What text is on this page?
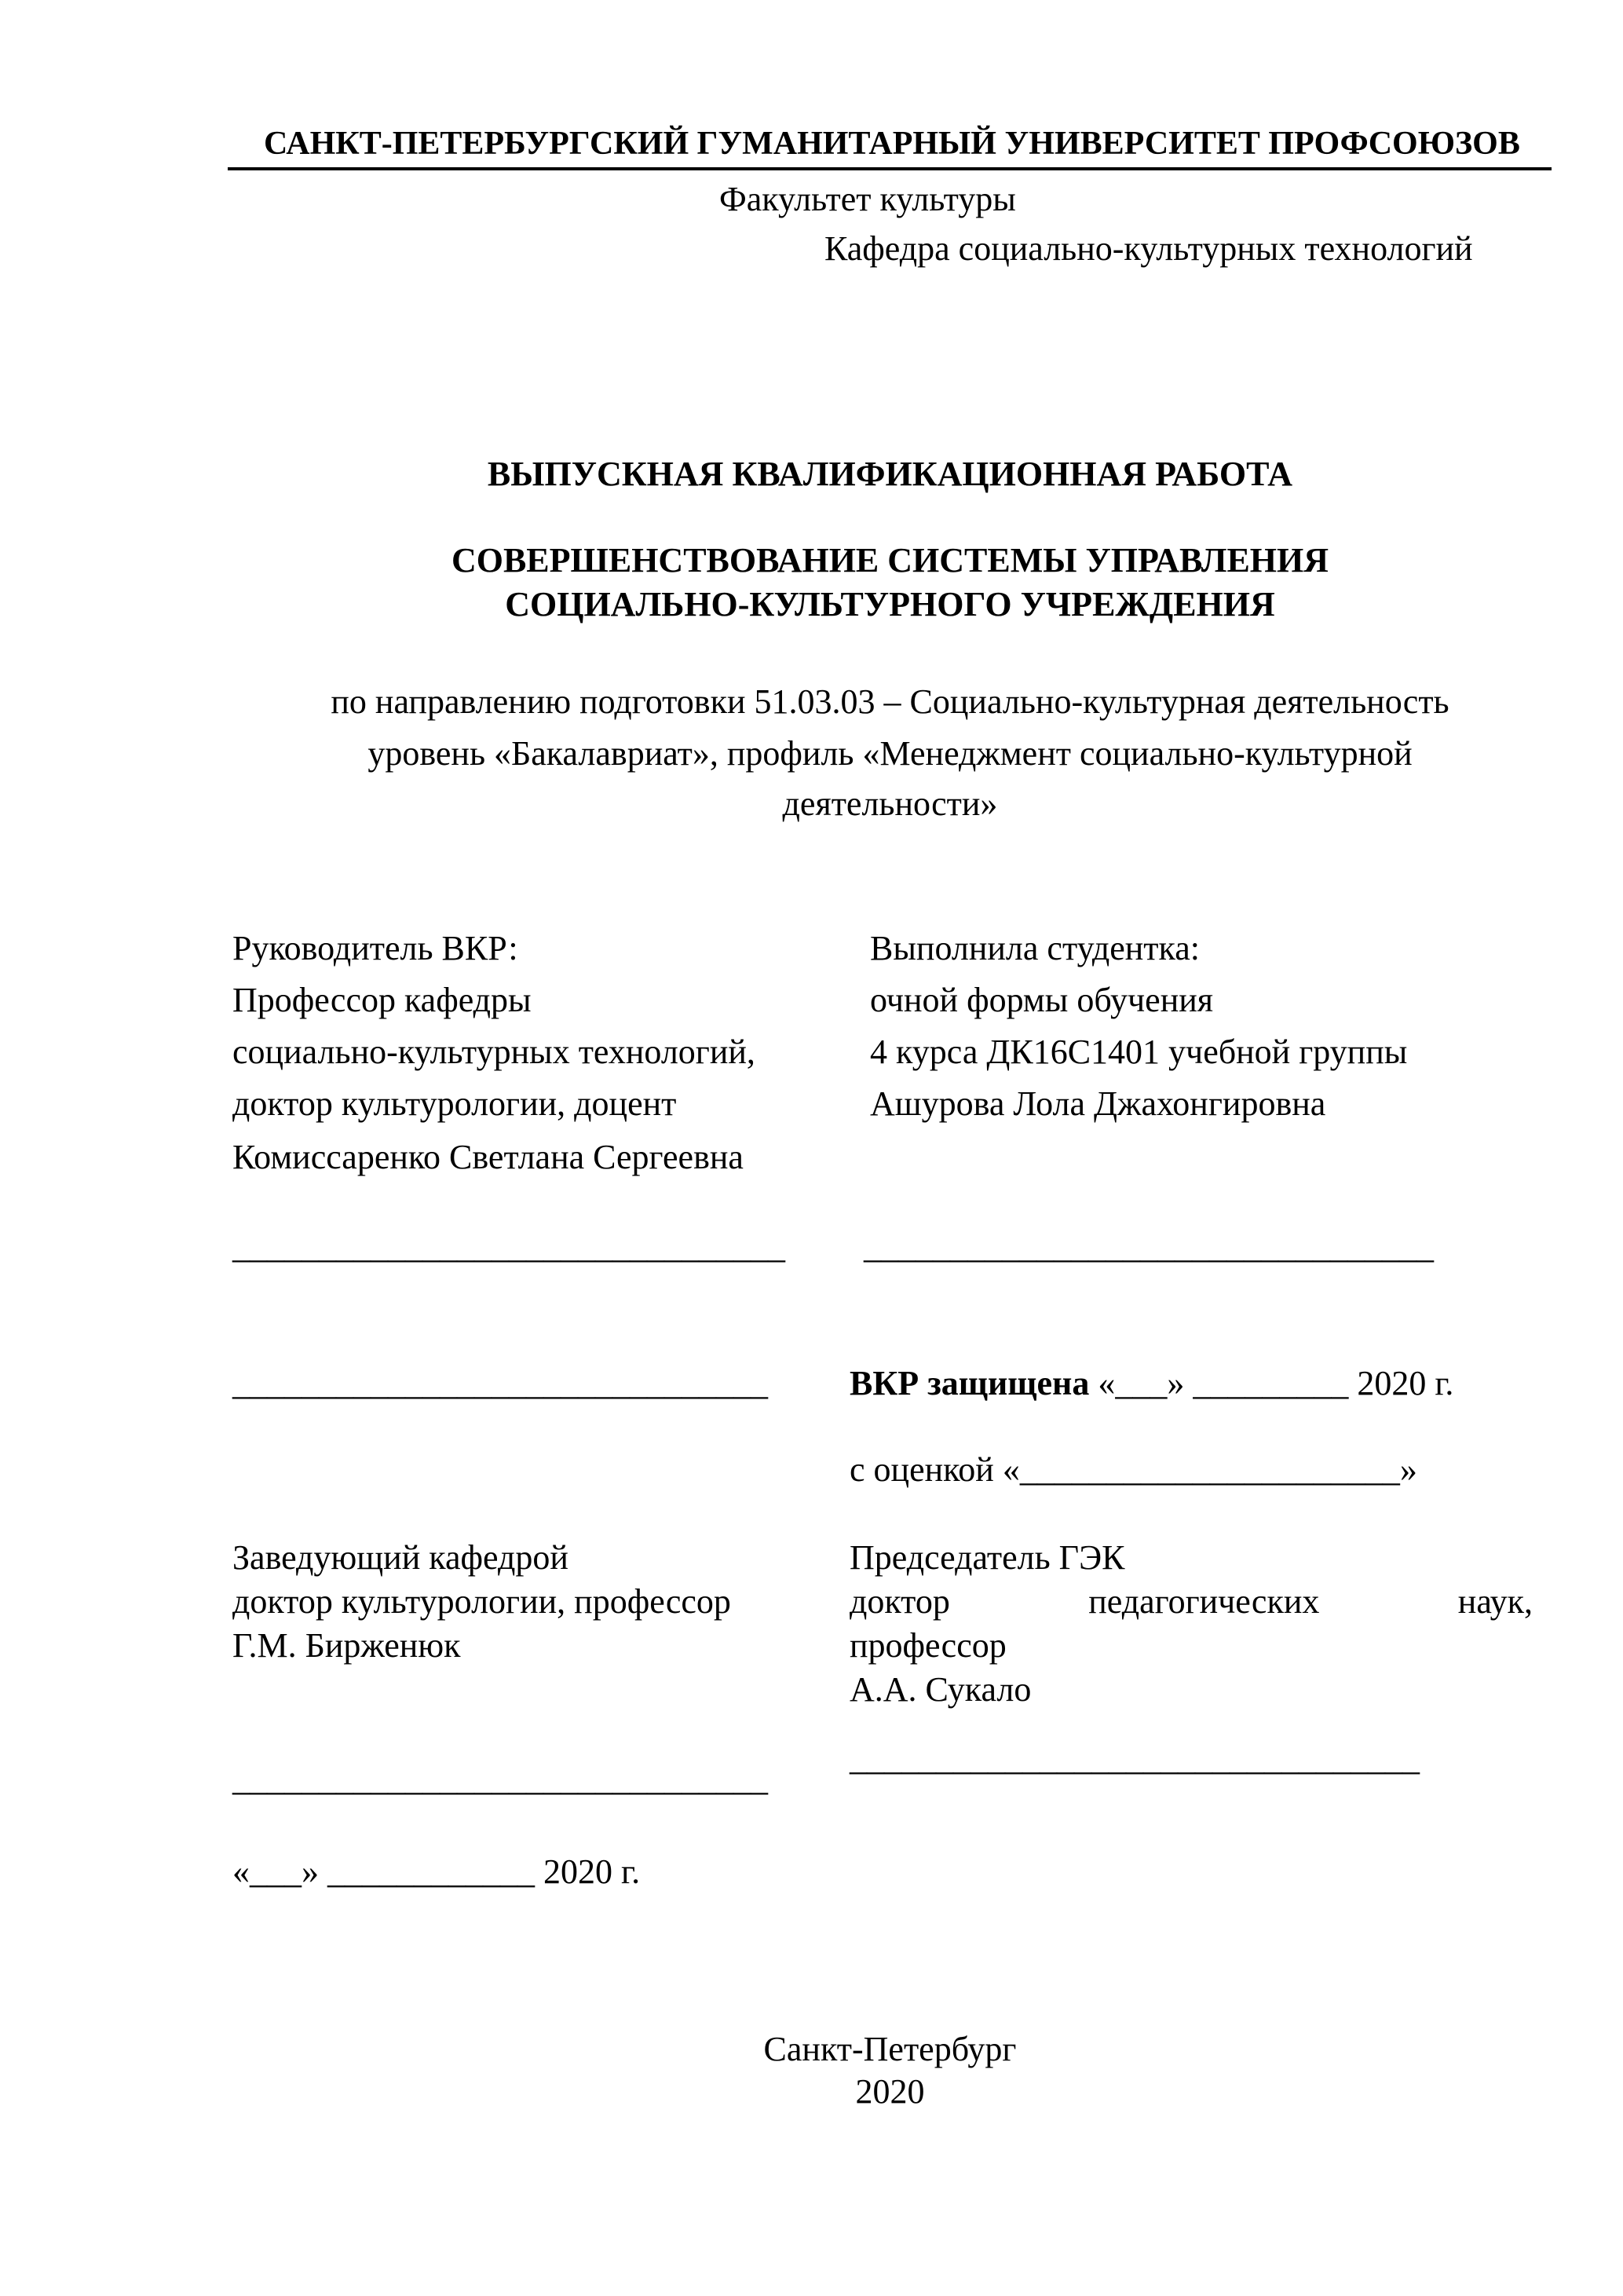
САНКТ-ПЕТЕРБУРГСКИЙ ГУМАНИТАРНЫЙ УНИВЕРСИТЕТ ПРОФСОЮЗОВ
Факультет культуры
Кафедра социально-культурных технологий
ВЫПУСКНАЯ КВАЛИФИКАЦИОННАЯ РАБОТА
СОВЕРШЕНСТВОВАНИЕ СИСТЕМЫ УПРАВЛЕНИЯ
СОЦИАЛЬНО-КУЛЬТУРНОГО УЧРЕЖДЕНИЯ
по направлению подготовки 51.03.03 – Социально-культурная деятельность
уровень «Бакалавриат», профиль «Менеджмент социально-культурной
деятельности»
Руководитель ВКР:
Профессор кафедры
социально-культурных технологий,
доктор культурологии, доцент
Комиссаренко Светлана Сергеевна
Выполнила студентка:
очной формы обучения
4 курса ДК16С1401 учебной группы
Ашурова Лола Джахонгировна
________________________________ _________________________________
_______________________________ ВКР защищена «___» _________ 2020 г.
с оценкой «______________________»
Заведующий кафедрой
доктор культурологии, профессор
Г.М. Бирженюк
Председатель ГЭК
доктор	педагогических	наук,
профессор
А.А. Сукало
_________________________________
_______________________________
«___» ____________ 2020 г.
Санкт-Петербург
2020
